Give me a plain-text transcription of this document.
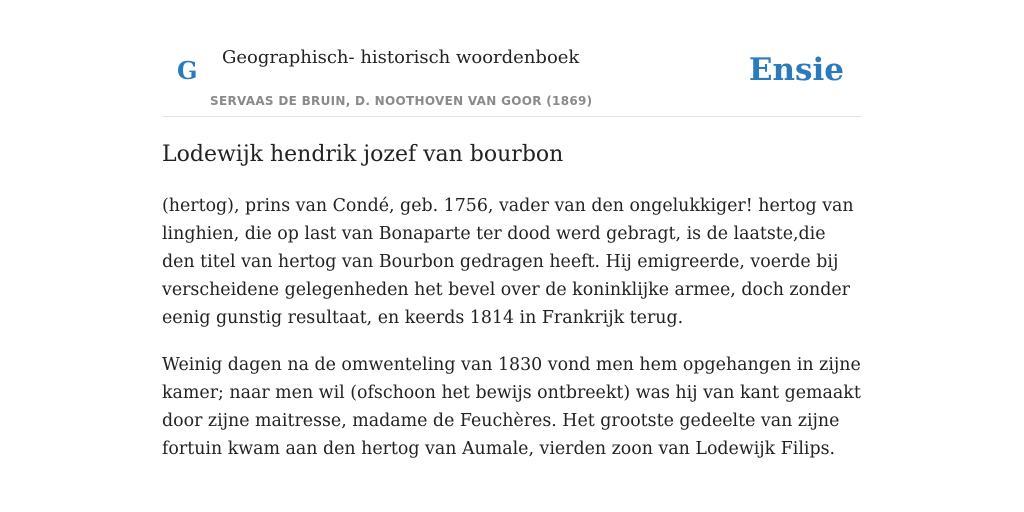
G Geographisch- historisch woordenboek
SERVAAS DE BRUIN, D. NOOTHOVEN VAN GOOR (1869)
Ensie
Lodewijk hendrik jozef van bourbon

(hertog), prins van Condé, geb. 1756, vader van den ongelukkiger! hertog van linghien, die op last van Bonaparte ter dood werd gebragt, is de laatste,die den titel van hertog van Bourbon gedragen heeft. Hij emigreerde, voerde bij verscheidene gelegenheden het bevel over de koninklijke armee, doch zonder eenig gunstig resultaat, en keerds 1814 in Frankrijk terug.

Weinig dagen na de omwenteling van 1830 vond men hem opgehangen in zijne kamer; naar men wil (ofschoon het bewijs ontbreekt) was hij van kant gemaakt door zijne maitresse, madame de Feuchères. Het grootste gedeelte van zijne fortuin kwam aan den hertog van Aumale, vierden zoon van Lodewijk Filips.
